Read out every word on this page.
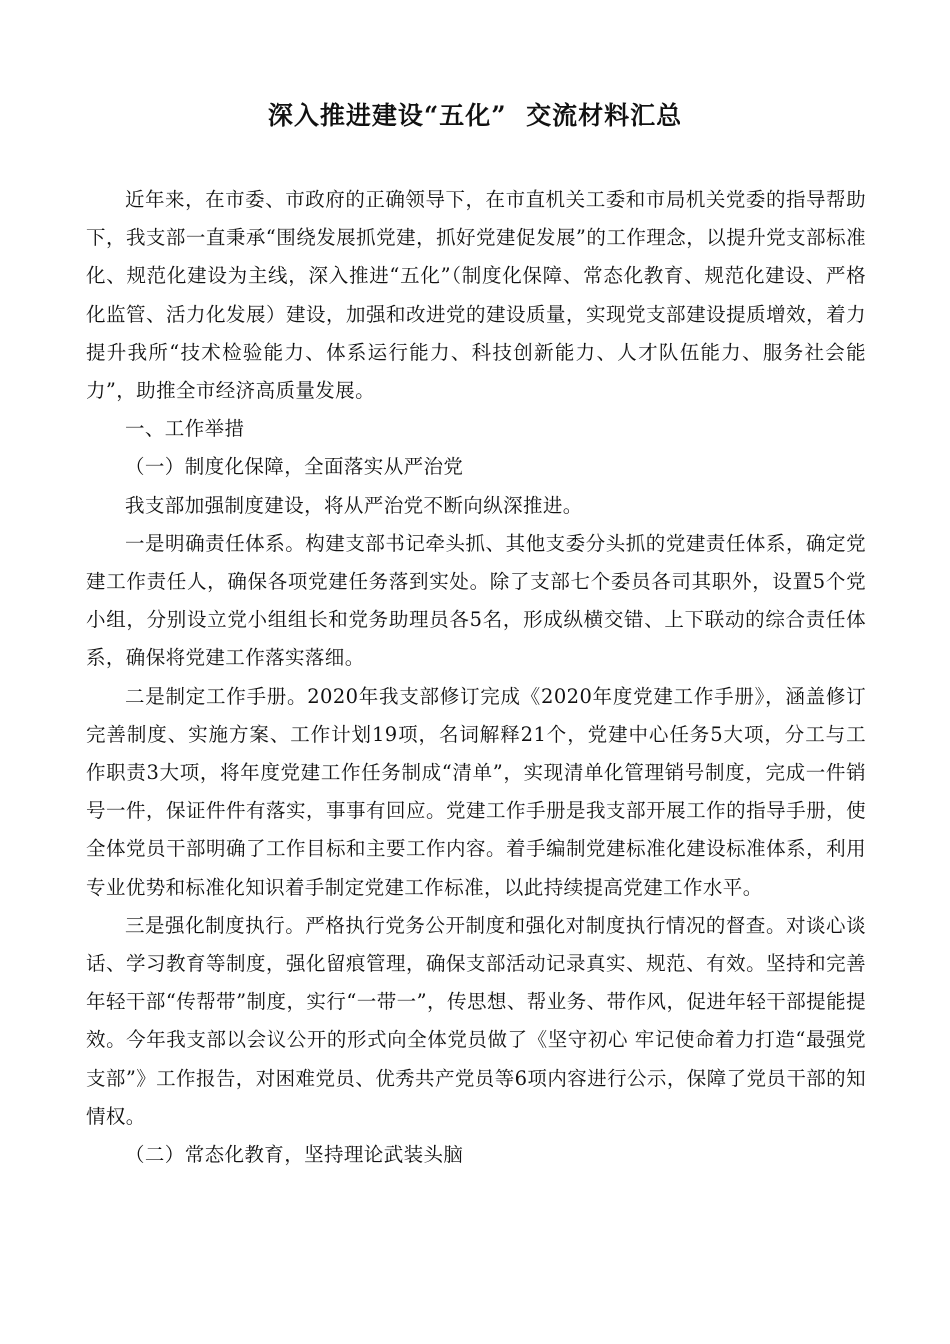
深入推进建设“五化”  交流材料汇总

近年来，在市委、市政府的正确领导下，在市直机关工委和市局机关党委的指导帮助下，我支部一直秉承“围绕发展抓党建，抓好党建促发展”的工作理念，以提升党支部标准化、规范化建设为主线，深入推进“五化”（制度化保障、常态化教育、规范化建设、严格化监管、活力化发展）建设，加强和改进党的建设质量，实现党支部建设提质增效，着力提升我所“技术检验能力、体系运行能力、科技创新能力、人才队伍能力、服务社会能力”，助推全市经济高质量发展。

一、工作举措

（一）制度化保障，全面落实从严治党

我支部加强制度建设，将从严治党不断向纵深推进。

一是明确责任体系。构建支部书记牵头抓、其他支委分头抓的党建责任体系，确定党建工作责任人，确保各项党建任务落到实处。除了支部七个委员各司其职外，设置5个党小组，分别设立党小组组长和党务助理员各5名，形成纵横交错、上下联动的综合责任体系，确保将党建工作落实落细。

二是制定工作手册。2020年我支部修订完成《2020年度党建工作手册》，涵盖修订完善制度、实施方案、工作计划19项，名词解释21个，党建中心任务5大项，分工与工作职责3大项，将年度党建工作任务制成“清单”，实现清单化管理销号制度，完成一件销号一件，保证件件有落实，事事有回应。党建工作手册是我支部开展工作的指导手册，使全体党员干部明确了工作目标和主要工作内容。着手编制党建标准化建设标准体系，利用专业优势和标准化知识着手制定党建工作标准，以此持续提高党建工作水平。

三是强化制度执行。严格执行党务公开制度和强化对制度执行情况的督查。对谈心谈话、学习教育等制度，强化留痕管理，确保支部活动记录真实、规范、有效。坚持和完善年轻干部“传帮带”制度，实行“一带一”，传思想、帮业务、带作风，促进年轻干部提能提效。今年我支部以会议公开的形式向全体党员做了《坚守初心 牢记使命着力打造“最强党支部”》工作报告，对困难党员、优秀共产党员等6项内容进行公示，保障了党员干部的知情权。

（二）常态化教育，坚持理论武装头脑
